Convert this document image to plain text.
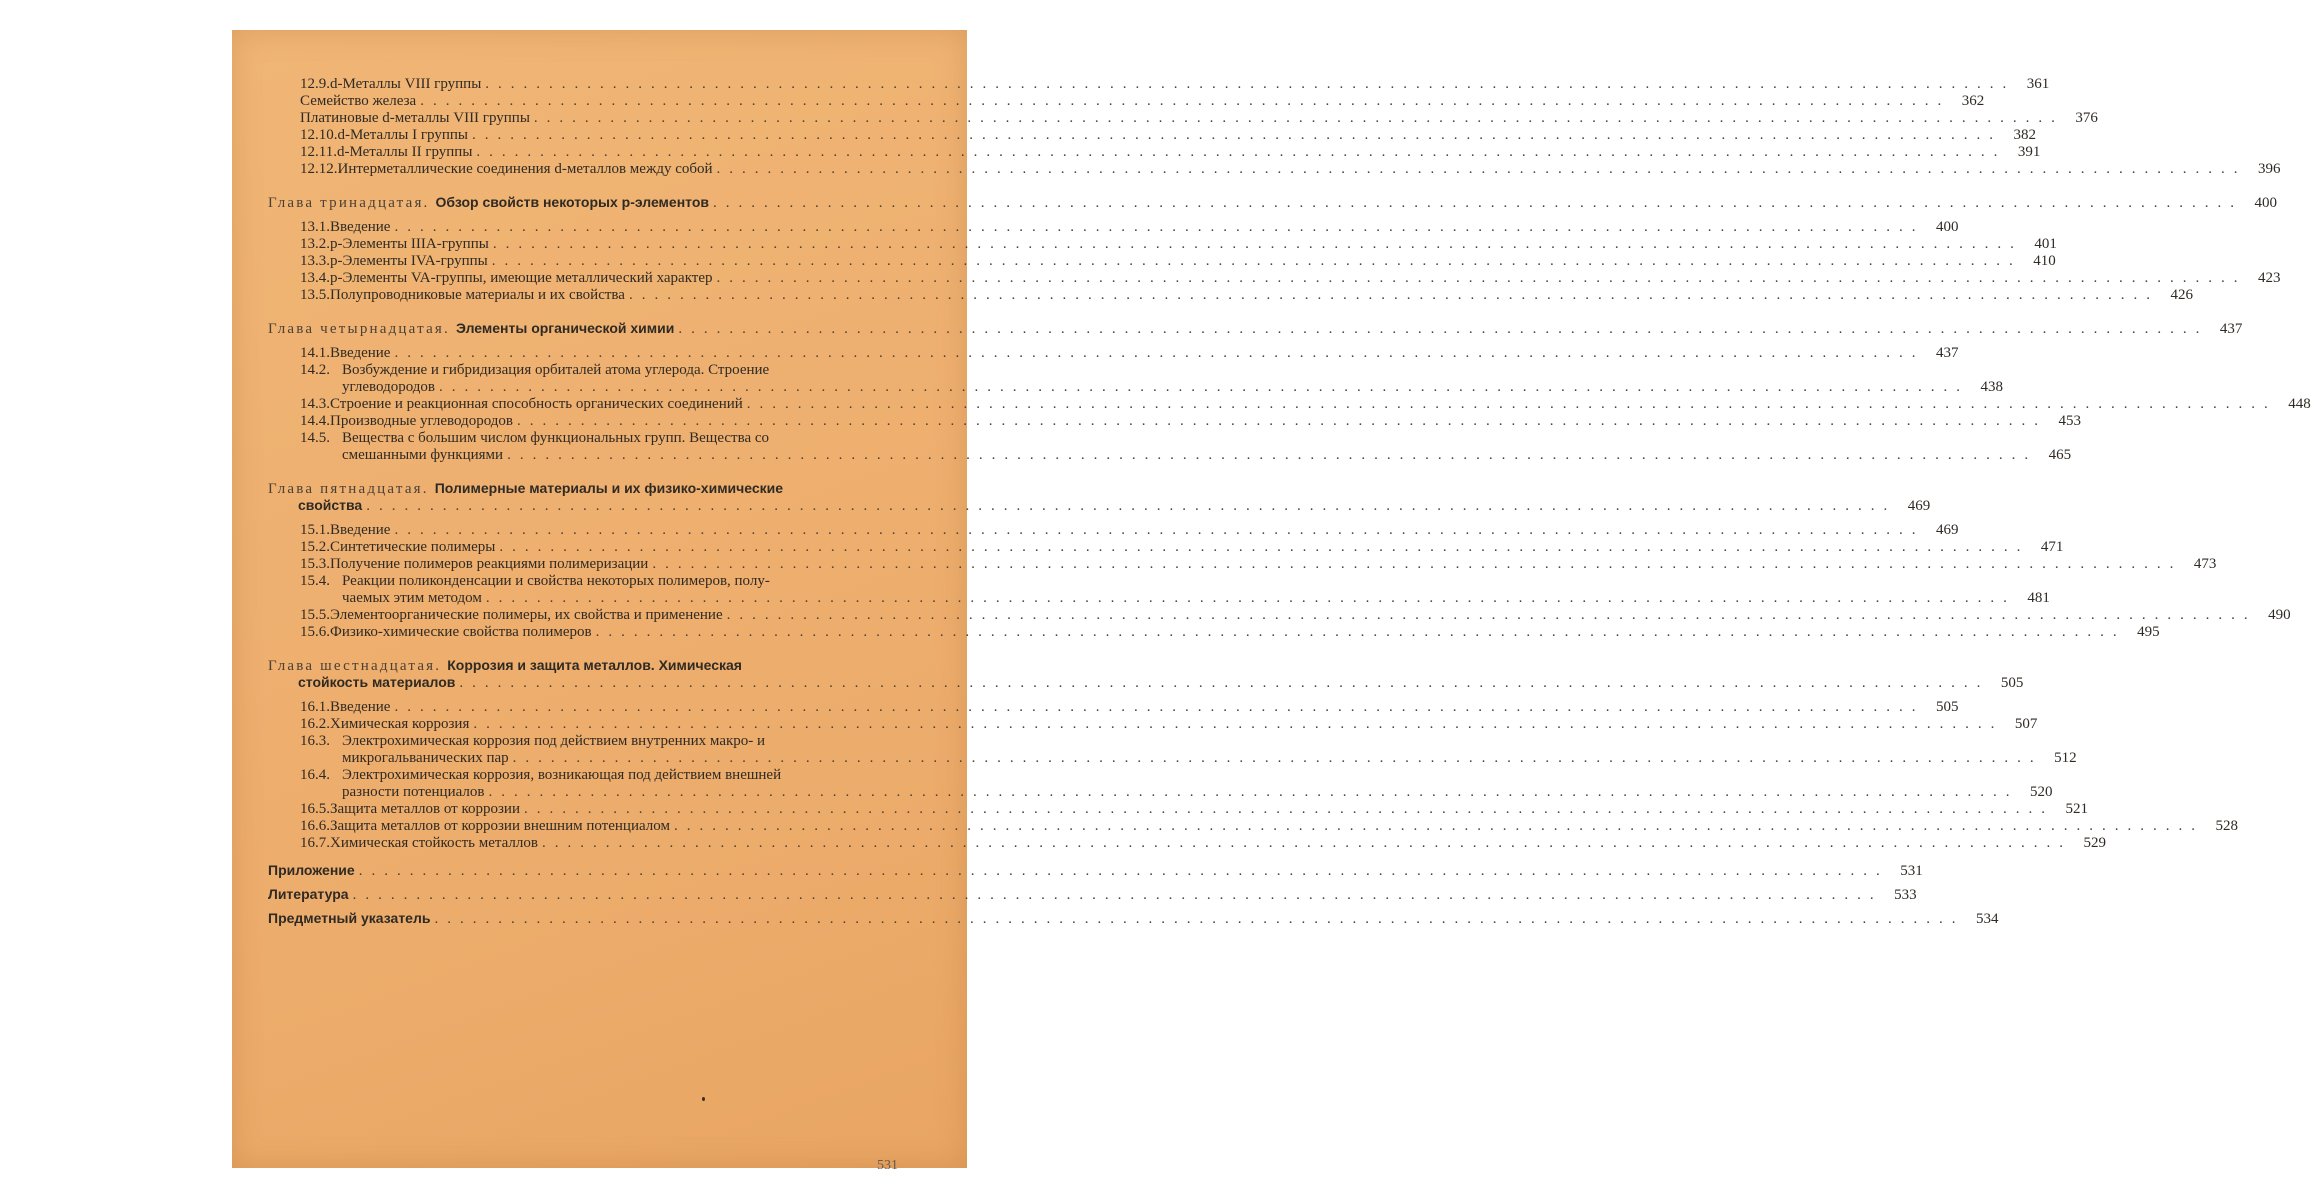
12.9. d-Металлы VIII группы ........................................................................................................................ 361
Семейство железа ........................................................................................................................ 362
Платиновые d-металлы VIII группы ........................................................................................................................ 376
12.10. d-Металлы I группы ........................................................................................................................ 382
12.11. d-Металлы II группы ........................................................................................................................ 391
12.12. Интерметаллические соединения d-металлов между собой ........................................................................................................................ 396
Глава тринадцатая. Обзор свойств некоторых p-элементов ........................................................................................................................ 400
13.1. Введение ........................................................................................................................ 400
13.2. p-Элементы IIIA-группы ........................................................................................................................ 401
13.3. p-Элементы IVA-группы ........................................................................................................................ 410
13.4. p-Элементы VA-группы, имеющие металлический характер ........................................................................................................................ 423
13.5. Полупроводниковые материалы и их свойства ........................................................................................................................ 426
Глава четырнадцатая. Элементы органической химии ........................................................................................................................ 437
14.1. Введение ........................................................................................................................ 437
14.2. Возбуждение и гибридизация орбиталей атома углерода. Строение
углеводородов ........................................................................................................................ 438
14.3. Строение и реакционная способность органических соединений ........................................................................................................................ 448
14.4. Производные углеводородов ........................................................................................................................ 453
14.5. Вещества с большим числом функциональных групп. Вещества со
смешанными функциями ........................................................................................................................ 465
Глава пятнадцатая. Полимерные материалы и их физико-химические
свойства ........................................................................................................................ 469
15.1. Введение ........................................................................................................................ 469
15.2. Синтетические полимеры ........................................................................................................................ 471
15.3. Получение полимеров реакциями полимеризации ........................................................................................................................ 473
15.4. Реакции поликонденсации и свойства некоторых полимеров, полу-
чаемых этим методом ........................................................................................................................ 481
15.5. Элементоорганические полимеры, их свойства и применение ........................................................................................................................ 490
15.6. Физико-химические свойства полимеров ........................................................................................................................ 495
Глава шестнадцатая. Коррозия и защита металлов. Химическая
стойкость материалов ........................................................................................................................ 505
16.1. Введение ........................................................................................................................ 505
16.2. Химическая коррозия ........................................................................................................................ 507
16.3. Электрохимическая коррозия под действием внутренних макро- и
микрогальванических пар ........................................................................................................................ 512
16.4. Электрохимическая коррозия, возникающая под действием внешней
разности потенциалов ........................................................................................................................ 520
16.5. Защита металлов от коррозии ........................................................................................................................ 521
16.6. Защита металлов от коррозии внешним потенциалом ........................................................................................................................ 528
16.7. Химическая стойкость металлов ........................................................................................................................ 529
Приложение ........................................................................................................................ 531
Литература ........................................................................................................................ 533
Предметный указатель ........................................................................................................................ 534
531
